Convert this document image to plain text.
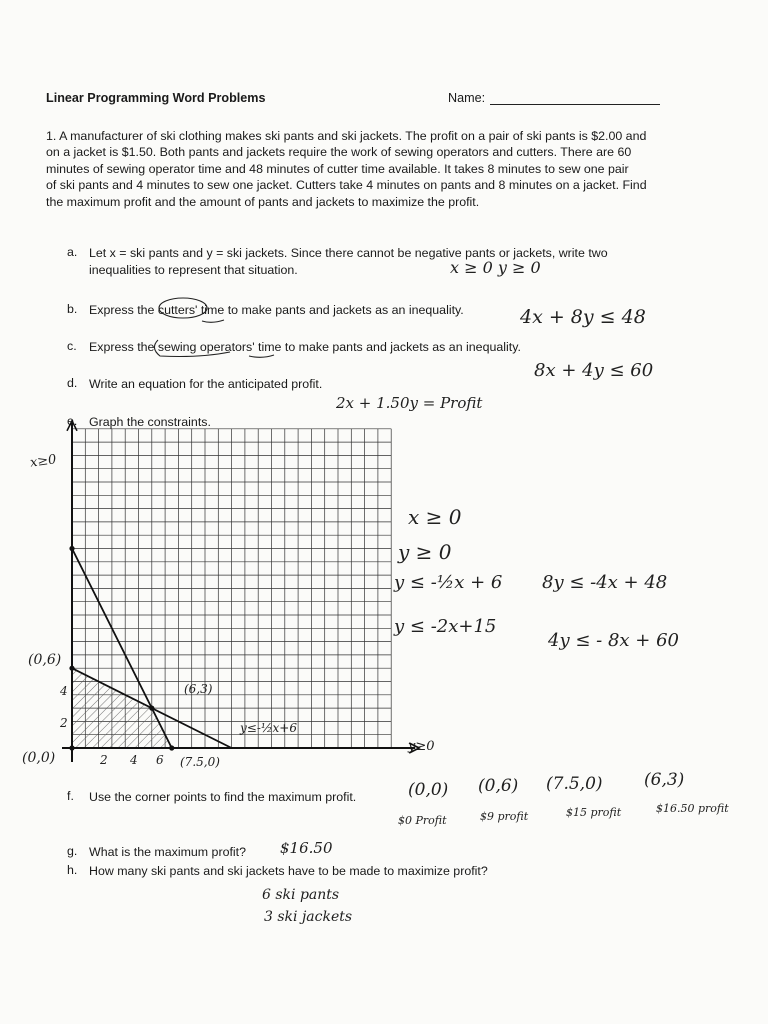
Linear Programming Word Problems	Name:
1. A manufacturer of ski clothing makes ski pants and ski jackets. The profit on a pair of ski pants is $2.00 and
on a jacket is $1.50. Both pants and jackets require the work of sewing operators and cutters. There are 60
minutes of sewing operator time and 48 minutes of cutter time available. It takes 8 minutes to sew one pair
of ski pants and 4 minutes to sew one jacket. Cutters take 4 minutes on pants and 8 minutes on a jacket. Find
the maximum profit and the amount of pants and jackets to maximize the profit.
a. Let x = ski pants and y = ski jackets. Since there cannot be negative pants or jackets, write two
inequalities to represent that situation.
b. Express the cutters' time to make pants and jackets as an inequality.
c. Express the sewing operators' time to make pants and jackets as an inequality.
d. Write an equation for the anticipated profit.
e. Graph the constraints.
f. Use the corner points to find the maximum profit.
g. What is the maximum profit?
h. How many ski pants and ski jackets have to be made to maximize profit?
x ≥ 0 y ≥ 0
4x + 8y ≤ 48
8x + 4y ≤ 60
2x + 1.50y = Profit
$16.50
6 ski pants
3 ski jackets
x ≥ 0
y ≥ 0
y ≤ -½x + 6
y ≤ -2x+15
8y ≤ -4x + 48
4y ≤ - 8x + 60
(0,0) (0,6) (7.5,0) (6,3)
$0 Profit	$9 profit	$15 profit	$16.50 profit
x≥0
y≥0
(0,6)
(0,0)
(6,3)
(7.5,0)
4
2
2 4 6
y≤-½x+6
